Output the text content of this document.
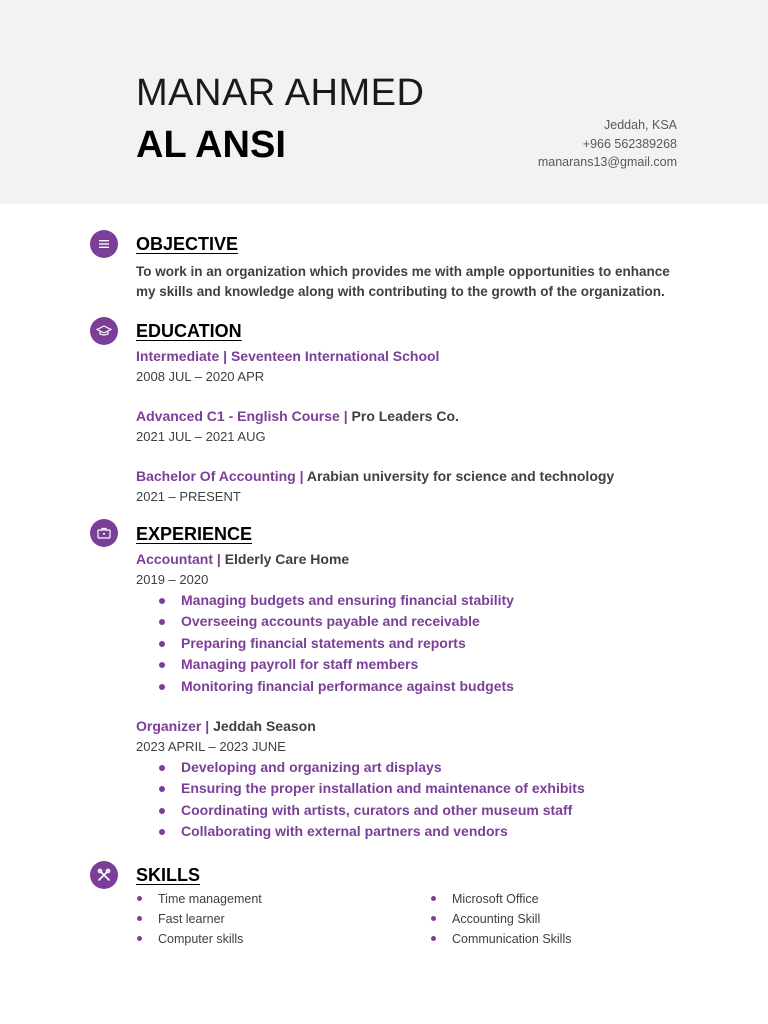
MANAR AHMED
AL ANSI	Jeddah, KSA
+966 562389268
manarans13@gmail.com
OBJECTIVE
To work in an organization which provides me with ample opportunities to enhance
my skills and knowledge along with contributing to the growth of the organization.
EDUCATION
Intermediate | Seventeen International School
2008 JUL – 2020 APR
Advanced C1 - English Course | Pro Leaders Co.
2021 JUL – 2021 AUG
Bachelor Of Accounting | Arabian university for science and technology
2021 – PRESENT
EXPERIENCE
Accountant | Elderly Care Home
2019 – 2020
Managing budgets and ensuring financial stability
Overseeing accounts payable and receivable
Preparing financial statements and reports
Managing payroll for staff members
Monitoring financial performance against budgets
Organizer | Jeddah Season
2023 APRIL – 2023 JUNE
Developing and organizing art displays
Ensuring the proper installation and maintenance of exhibits
Coordinating with artists, curators and other museum staff
Collaborating with external partners and vendors
SKILLS
Time management
Fast learner
Computer skills
Microsoft Office
Accounting Skill
Communication Skills
